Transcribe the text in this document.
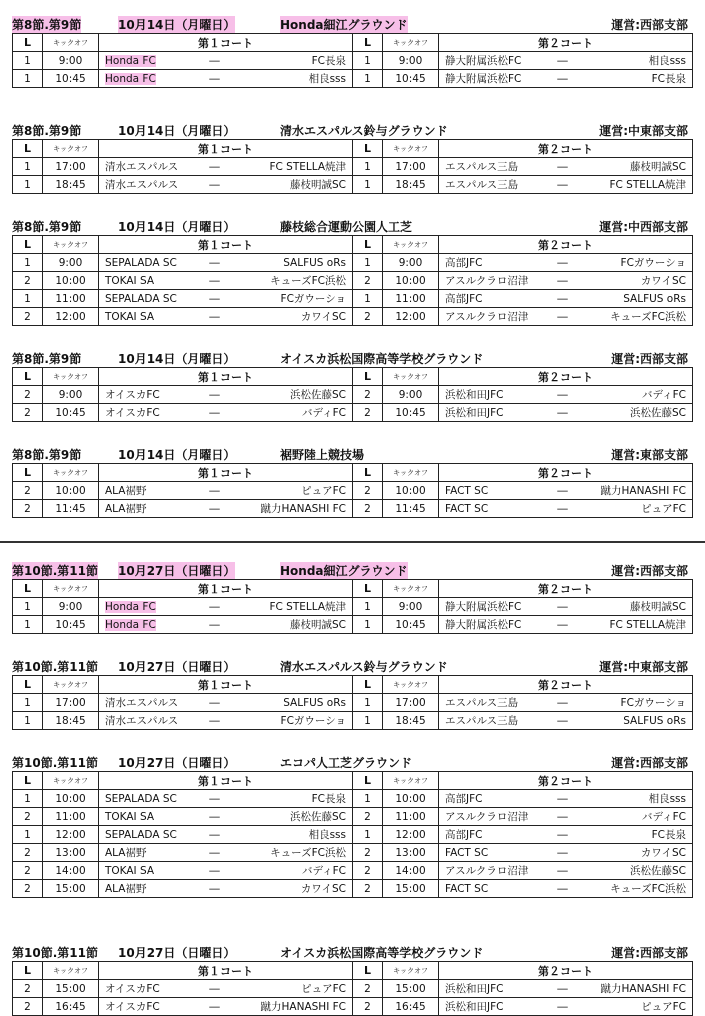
第8節.第9節	10月14日（月曜日）	Honda細江グラウンド	運営:西部支部
L	キックオフ	第１コート			L	キックオフ	第２コート		
1	9:00	Honda FC	―	FC長泉	1	9:00	静大附属浜松FC	―	相良sss
1	10:45	Honda FC	―	相良sss	1	10:45	静大附属浜松FC	―	FC長泉
第8節.第9節	10月14日（月曜日）	清水エスパルス鈴与グラウンド	運営:中東部支部
L	キックオフ	第１コート			L	キックオフ	第２コート		
1	17:00	清水エスパルス	―	FC STELLA焼津	1	17:00	エスパルス三島	―	藤枝明誠SC
1	18:45	清水エスパルス	―	藤枝明誠SC	1	18:45	エスパルス三島	―	FC STELLA焼津
第8節.第9節	10月14日（月曜日）	藤枝総合運動公園人工芝	運営:中西部支部
L	キックオフ	第１コート			L	キックオフ	第２コート		
1	9:00	SEPALADA SC	―	SALFUS oRs	1	9:00	高部JFC	―	FCガウーショ
2	10:00	TOKAI SA	―	キューズFC浜松	2	10:00	アスルクラロ沼津	―	カワイSC
1	11:00	SEPALADA SC	―	FCガウーショ	1	11:00	高部JFC	―	SALFUS oRs
2	12:00	TOKAI SA	―	カワイSC	2	12:00	アスルクラロ沼津	―	キューズFC浜松
第8節.第9節	10月14日（月曜日）	オイスカ浜松国際高等学校グラウンド	運営:西部支部
L	キックオフ	第１コート			L	キックオフ	第２コート		
2	9:00	オイスカFC	―	浜松佐藤SC	2	9:00	浜松和田JFC	―	バディFC
2	10:45	オイスカFC	―	バディFC	2	10:45	浜松和田JFC	―	浜松佐藤SC
第8節.第9節	10月14日（月曜日）	裾野陸上競技場	運営:東部支部
L	キックオフ	第１コート			L	キックオフ	第２コート		
2	10:00	ALA裾野	―	ピュアFC	2	10:00	FACT SC	―	蹴力HANASHI FC
2	11:45	ALA裾野	―	蹴力HANASHI FC	2	11:45	FACT SC	―	ピュアFC
第10節.第11節 10月27日（日曜日）	Honda細江グラウンド	運営:西部支部
L	キックオフ	第１コート			L	キックオフ	第２コート		
1	9:00	Honda FC	―	FC STELLA焼津	1	9:00	静大附属浜松FC	―	藤枝明誠SC
1	10:45	Honda FC	―	藤枝明誠SC	1	10:45	静大附属浜松FC	―	FC STELLA焼津
第10節.第11節 10月27日（日曜日）	清水エスパルス鈴与グラウンド	運営:中東部支部
L	キックオフ	第１コート			L	キックオフ	第２コート		
1	17:00	清水エスパルス	―	SALFUS oRs	1	17:00	エスパルス三島	―	FCガウーショ
1	18:45	清水エスパルス	―	FCガウーショ	1	18:45	エスパルス三島	―	SALFUS oRs
第10節.第11節 10月27日（日曜日）	エコパ人工芝グラウンド	運営:西部支部
L	キックオフ	第１コート			L	キックオフ	第２コート		
1	10:00	SEPALADA SC	―	FC長泉	1	10:00	高部JFC	―	相良sss
2	11:00	TOKAI SA	―	浜松佐藤SC	2	11:00	アスルクラロ沼津	―	バディFC
1	12:00	SEPALADA SC	―	相良sss	1	12:00	高部JFC	―	FC長泉
2	13:00	ALA裾野	―	キューズFC浜松	2	13:00	FACT SC	―	カワイSC
2	14:00	TOKAI SA	―	バディFC	2	14:00	アスルクラロ沼津	―	浜松佐藤SC
2	15:00	ALA裾野	―	カワイSC	2	15:00	FACT SC	―	キューズFC浜松
第10節.第11節 10月27日（日曜日）	オイスカ浜松国際高等学校グラウンド	運営:西部支部
L	キックオフ	第１コート			L	キックオフ	第２コート		
2	15:00	オイスカFC	―	ピュアFC	2	15:00	浜松和田JFC	―	蹴力HANASHI FC
2	16:45	オイスカFC	―	蹴力HANASHI FC	2	16:45	浜松和田JFC	―	ピュアFC
